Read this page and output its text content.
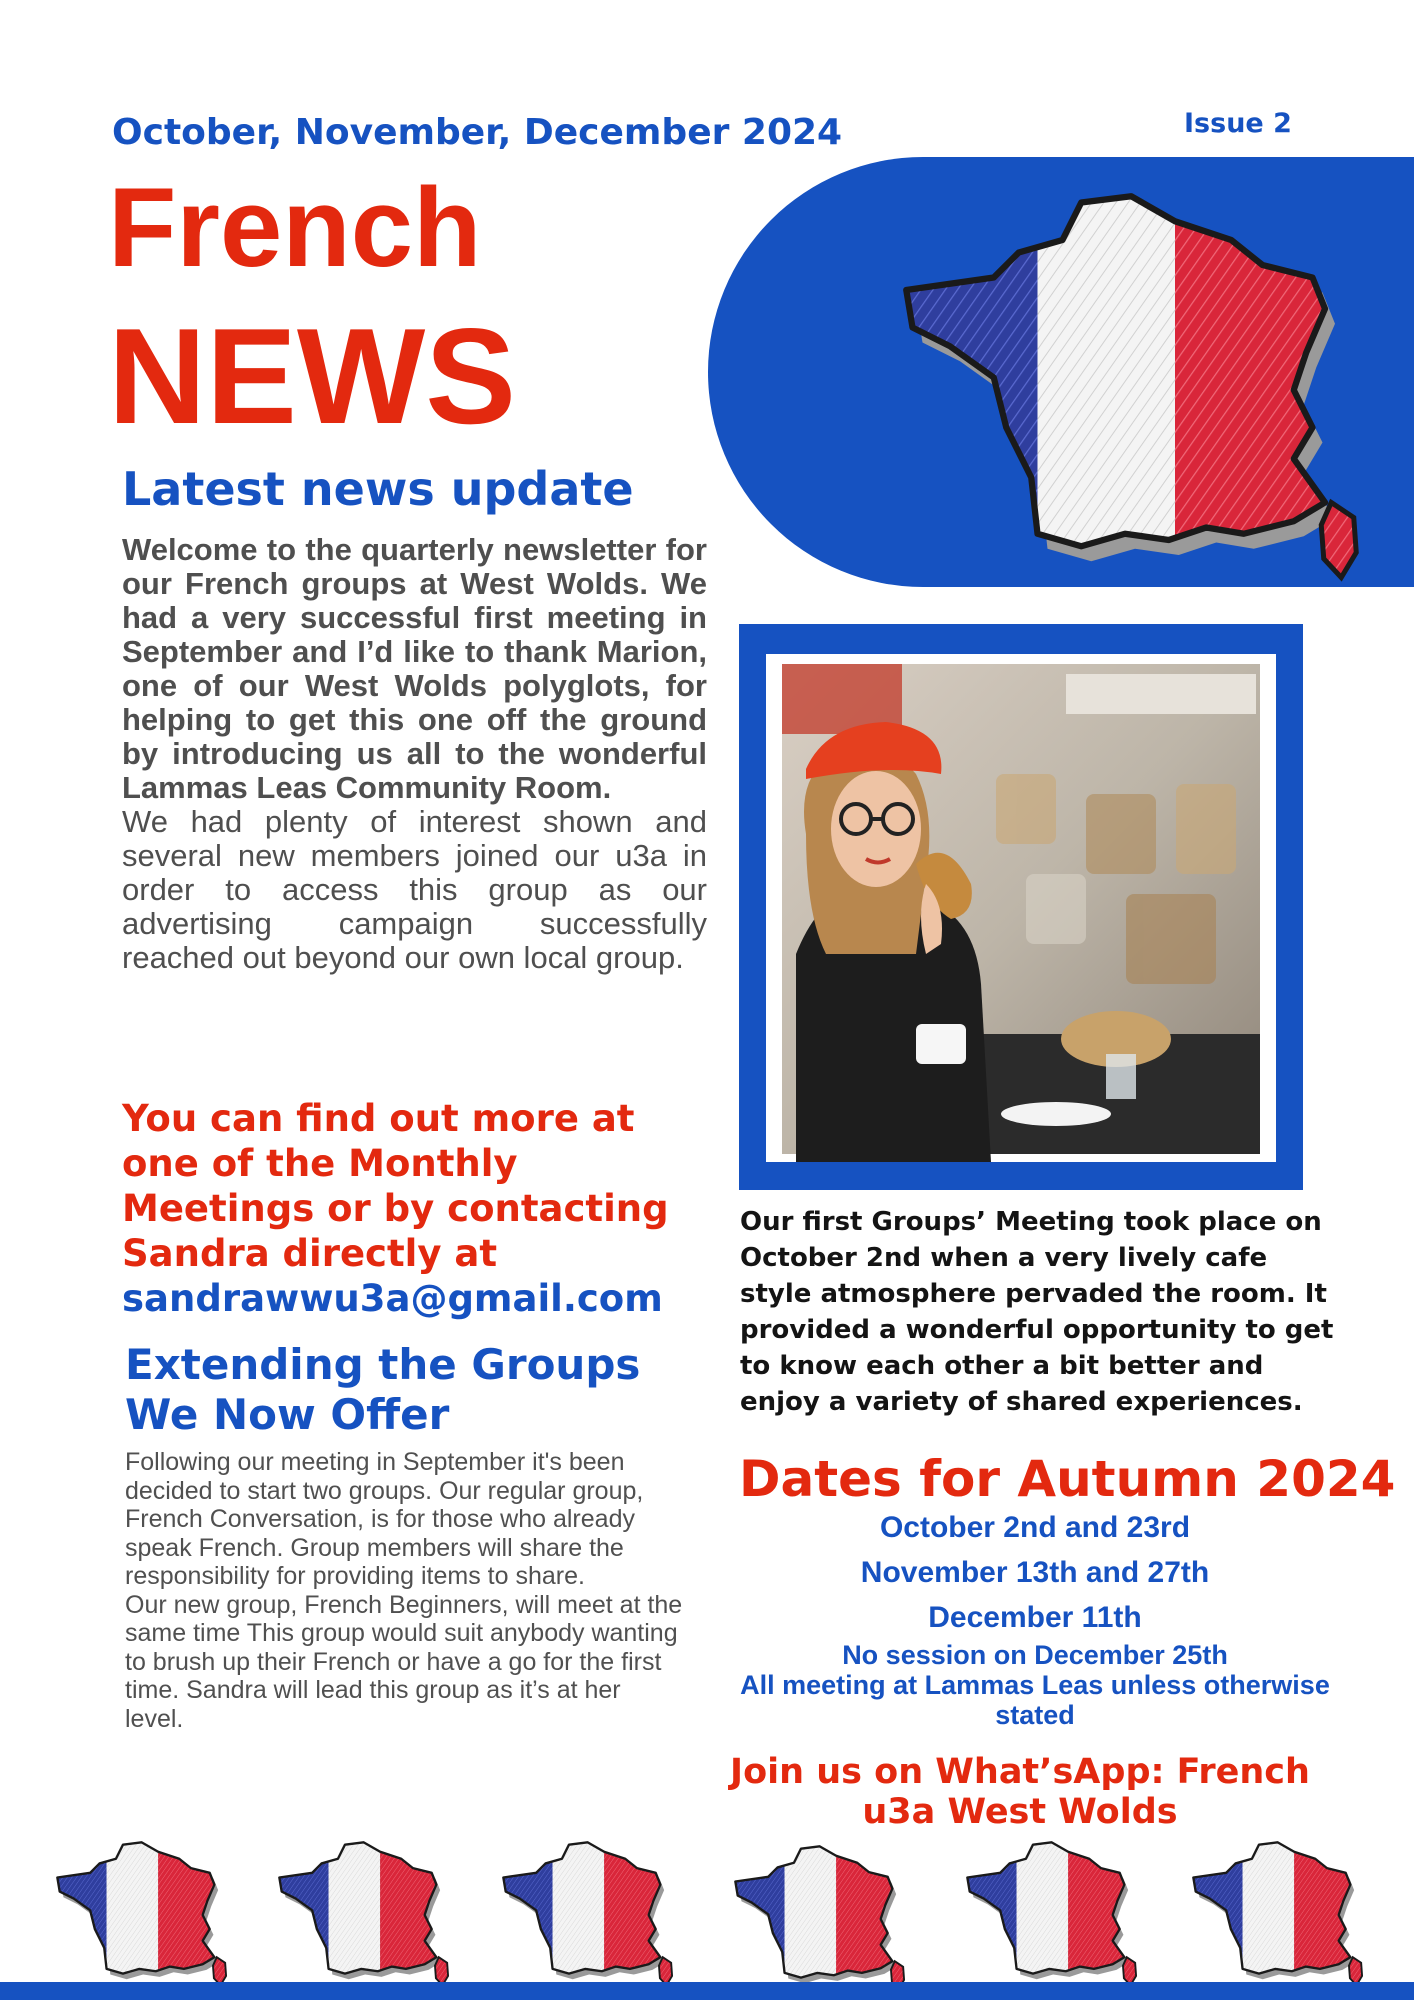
October, November, December 2024	Issue 2
French
NEWS
Latest news update
Welcome to the quarterly newsletter for our French groups at West Wolds. We had a very successful first meeting in September and I’d like to thank Marion, one of our West Wolds polyglots, for helping to get this one off the ground by introducing us all to the wonderful Lammas Leas Community Room.
We had plenty of interest shown and several new members joined our u3a in order to access this group as our advertising campaign successfully reached out beyond our own local group.
You can find out more at one of the Monthly Meetings or by contacting Sandra directly at
sandrawwu3a@gmail.com
Extending the Groups We Now Offer
Following our meeting in September it's been decided to start two groups. Our regular group, French Conversation, is for those who already speak French. Group members will share the responsibility for providing items to share.
Our new group, French Beginners, will meet at the same time This group would suit anybody wanting to brush up their French or have a go for the first time. Sandra will lead this group as it’s at her level.
Our first Groups’ Meeting took place on October 2nd when a very lively cafe style atmosphere pervaded the room. It provided a wonderful opportunity to get to know each other a bit better and enjoy a variety of shared experiences.
Dates for Autumn 2024
October 2nd and 23rd
November 13th and 27th
December 11th
No session on December 25th
All meeting at Lammas Leas unless otherwise stated
Join us on What’sApp: French u3a West Wolds
